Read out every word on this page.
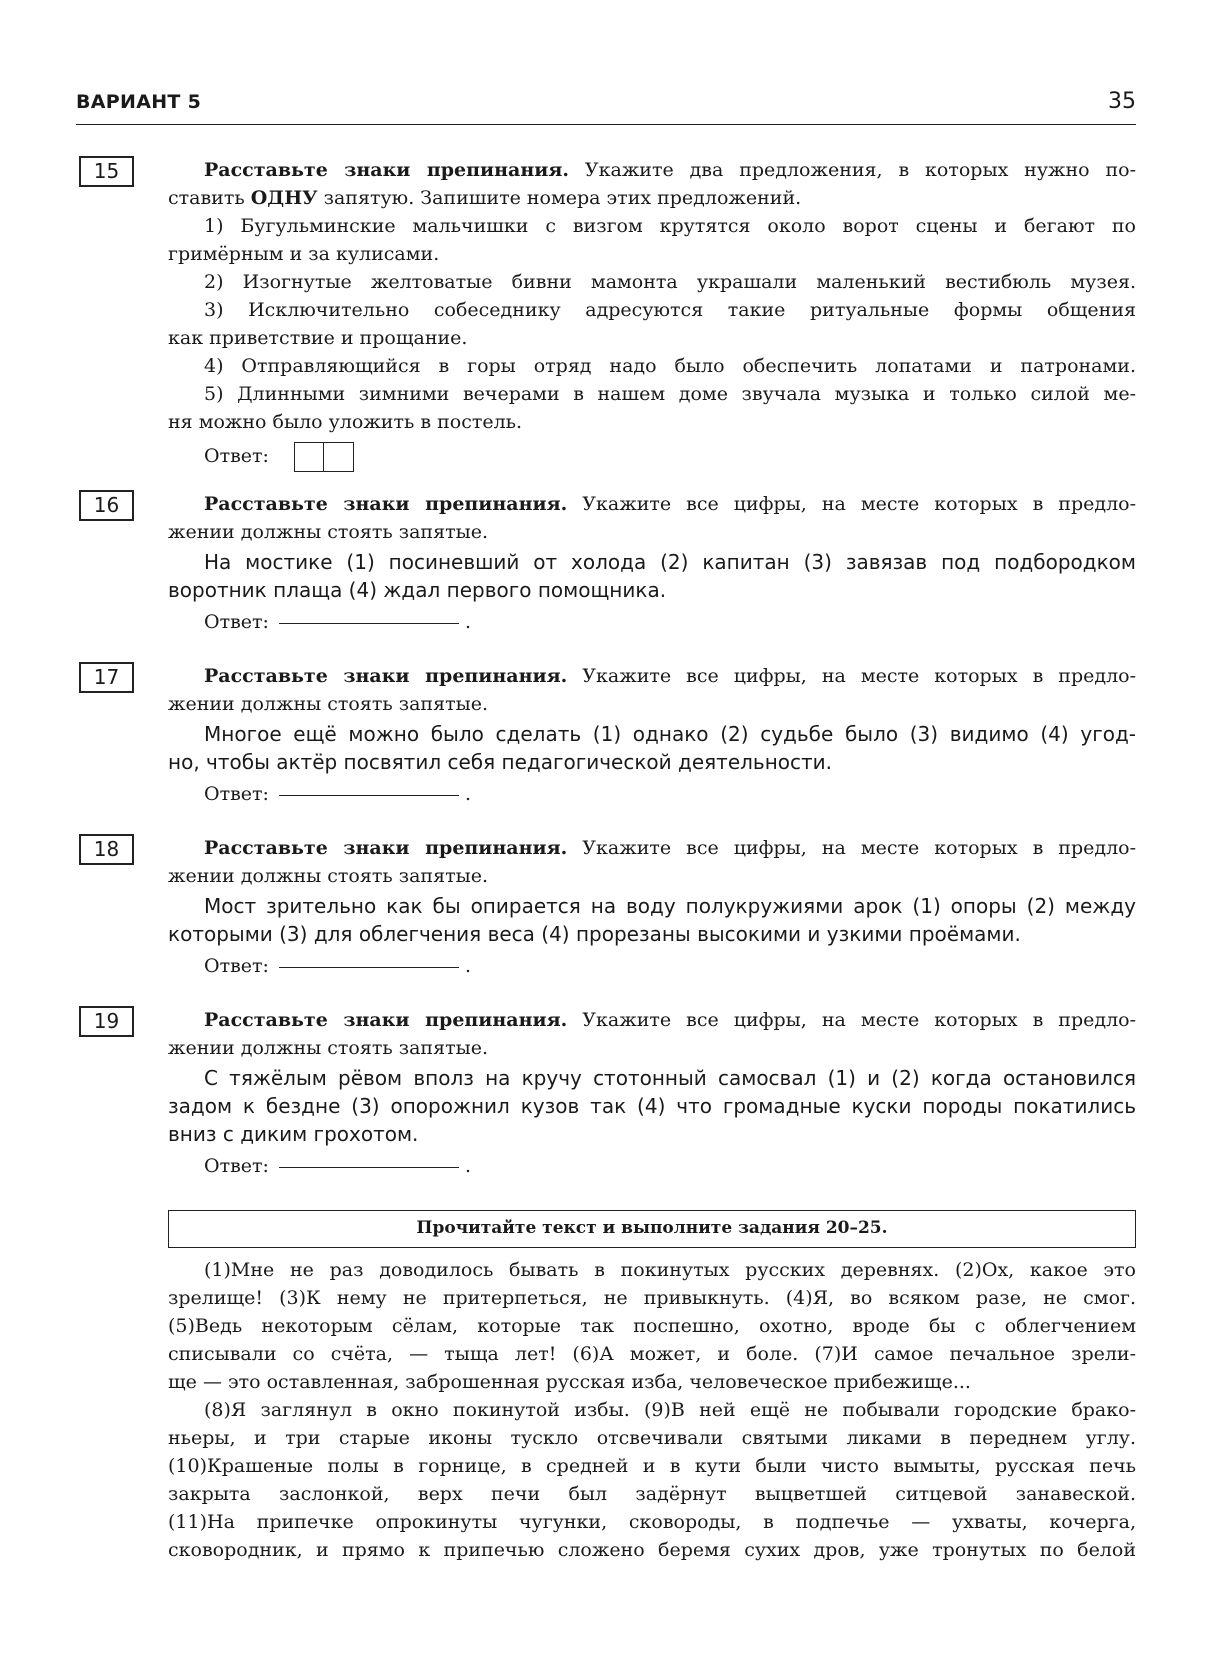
ВАРИАНТ 5	35
15	Расставьте знаки препинания. Укажите два предложения, в которых нужно по-
ставить ОДНУ запятую. Запишите номера этих предложений.
1) Бугульминские мальчишки с визгом крутятся около ворот сцены и бегают по
гримёрным и за кулисами.
2) Изогнутые желтоватые бивни мамонта украшали маленький вестибюль музея.
3) Исключительно собеседнику адресуются такие ритуальные формы общения
как приветствие и прощание.
4) Отправляющийся в горы отряд надо было обеспечить лопатами и патронами.
5) Длинными зимними вечерами в нашем доме звучала музыка и только силой ме-
ня можно было уложить в постель.
Ответ:
16	Расставьте знаки препинания. Укажите все цифры, на месте которых в предло-
жении должны стоять запятые.
На мостике (1) посиневший от холода (2) капитан (3) завязав под подбородком
воротник плаща (4) ждал первого помощника.
Ответ:	.
17	Расставьте знаки препинания. Укажите все цифры, на месте которых в предло-
жении должны стоять запятые.
Многое ещё можно было сделать (1) однако (2) судьбе было (3) видимо (4) угод-
но, чтобы актёр посвятил себя педагогической деятельности.
Ответ:	.
18	Расставьте знаки препинания. Укажите все цифры, на месте которых в предло-
жении должны стоять запятые.
Мост зрительно как бы опирается на воду полукружиями арок (1) опоры (2) между
которыми (3) для облегчения веса (4) прорезаны высокими и узкими проёмами.
Ответ:	.
19	Расставьте знаки препинания. Укажите все цифры, на месте которых в предло-
жении должны стоять запятые.
С тяжёлым рёвом вполз на кручу стотонный самосвал (1) и (2) когда остановился
задом к бездне (3) опорожнил кузов так (4) что громадные куски породы покатились
вниз с диким грохотом.
Ответ:	.
Прочитайте текст и выполните задания 20–25.
(1)Мне не раз доводилось бывать в покинутых русских деревнях. (2)Ох, какое это
зрелище! (3)К нему не притерпеться, не привыкнуть. (4)Я, во всяком разе, не смог.
(5)Ведь некоторым сёлам, которые так поспешно, охотно, вроде бы с облегчением
списывали со счёта, — тыща лет! (6)А может, и боле. (7)И самое печальное зрели-
ще — это оставленная, заброшенная русская изба, человеческое прибежище...
(8)Я заглянул в окно покинутой избы. (9)В ней ещё не побывали городские брако-
ньеры, и три старые иконы тускло отсвечивали святыми ликами в переднем углу.
(10)Крашеные полы в горнице, в средней и в кути были чисто вымыты, русская печь
закрыта заслонкой, верх печи был задёрнут выцветшей ситцевой занавеской.
(11)На припечке опрокинуты чугунки, сковороды, в подпечье — ухваты, кочерга,
сковородник, и прямо к припечью сложено беремя сухих дров, уже тронутых по белой
